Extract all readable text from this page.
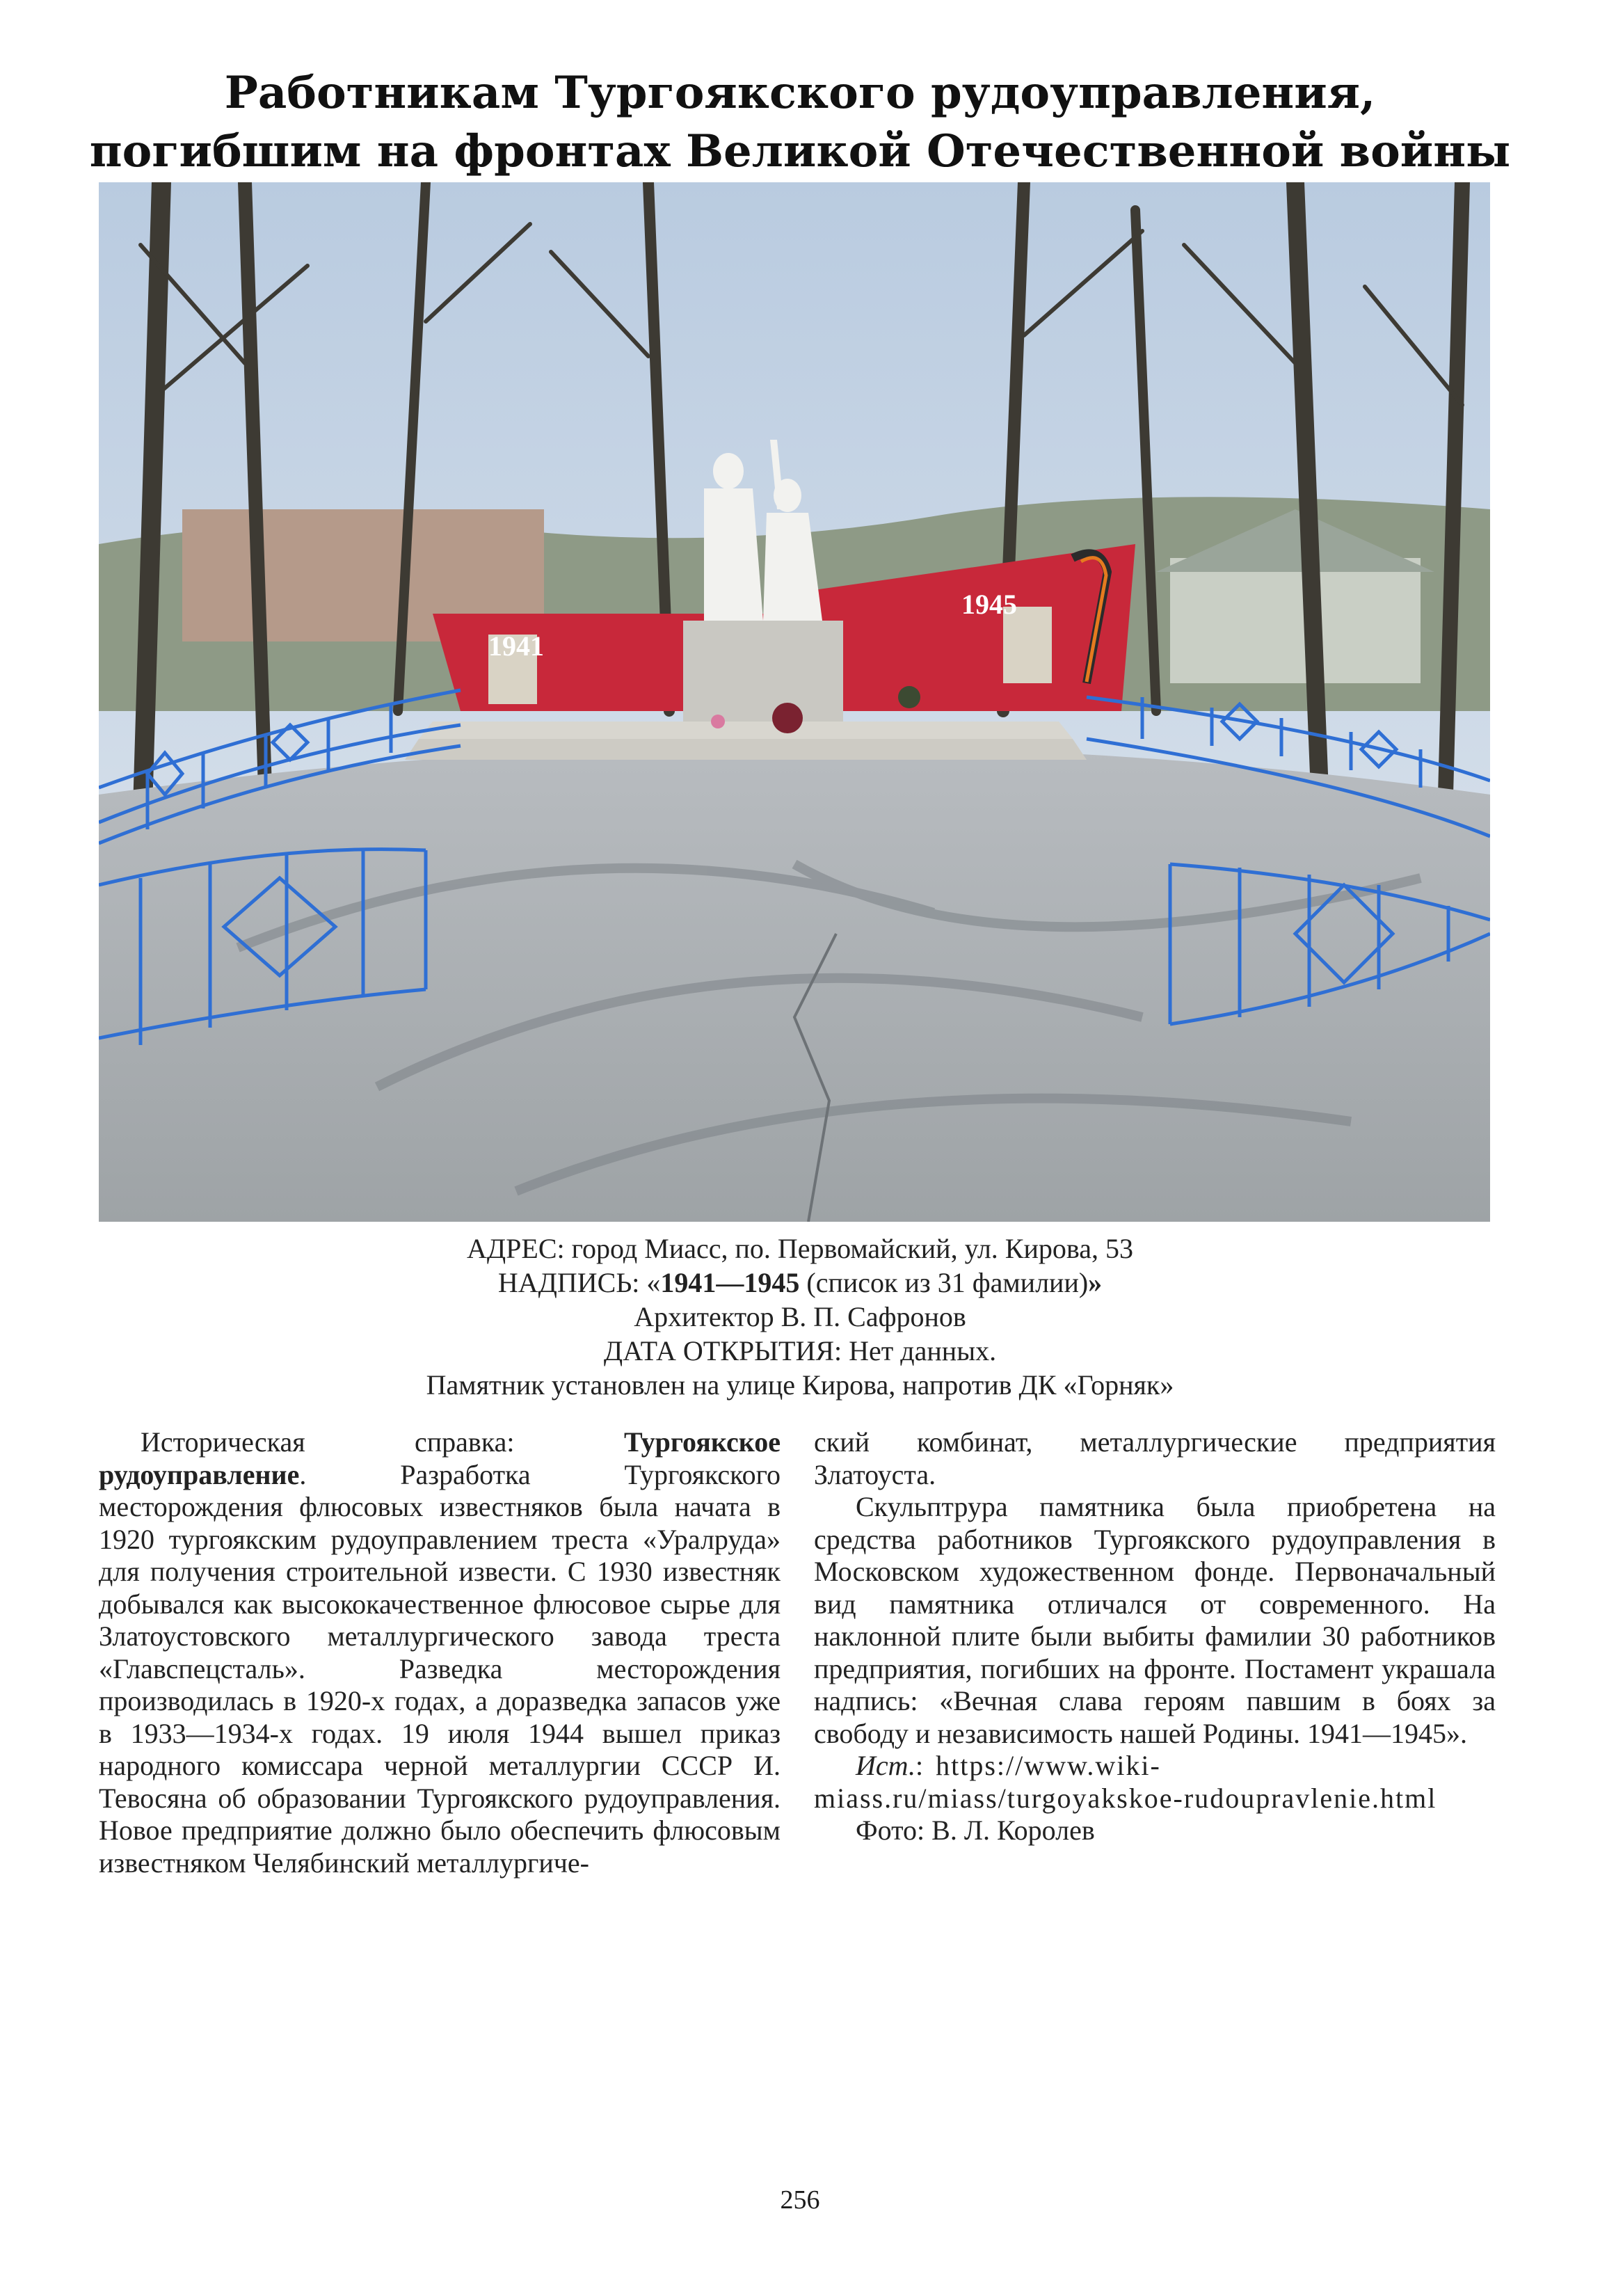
Работникам Тургоякского рудоуправления,
погибшим на фронтах Великой Отечественной войны
1941
1945
АДРЕС: город Миасс, по. Первомайский, ул. Кирова, 53
НАДПИСЬ: «1941—1945 (список из 31 фамилии)»
Архитектор В. П. Сафронов
ДАТА ОТКРЫТИЯ: Нет данных.
Памятник установлен на улице Кирова, напротив ДК «Горняк»

Историческая справка: Тургоякское рудоуправление. Разработка Тургоякского месторождения флюсовых известняков была начата в 1920 тургоякским рудоуправлением треста «Уралруда» для получения строительной извести. С 1930 известняк добывался как высококачественное флюсовое сырье для Златоустовского металлургического завода треста «Главспецсталь». Разведка месторождения производилась в 1920-х годах, а доразведка запасов уже в 1933—1934-х годах. 19 июля 1944 вышел приказ народного комиссара черной металлургии СССР И. Тевосяна об образовании Тургоякского рудоуправления. Новое предприятие должно было обеспечить флюсовым известняком Челябинский металлургиче-

ский комбинат, металлургические предприятия Златоуста.

Скульптрура памятника была приобретена на средства работников Тургоякского рудоуправления в Московском художественном фонде. Первоначальный вид памятника отличался от современного. На наклонной плите были выбиты фамилии 30 работников предприятия, погибших на фронте. Постамент украшала надпись: «Вечная слава героям павшим в боях за свободу и независимость нашей Родины. 1941—1945».

Ист.: https://www.wiki-miass.ru/miass/turgoyakskoe-rudoupravlenie.html

Фото: В. Л. Королев

256
